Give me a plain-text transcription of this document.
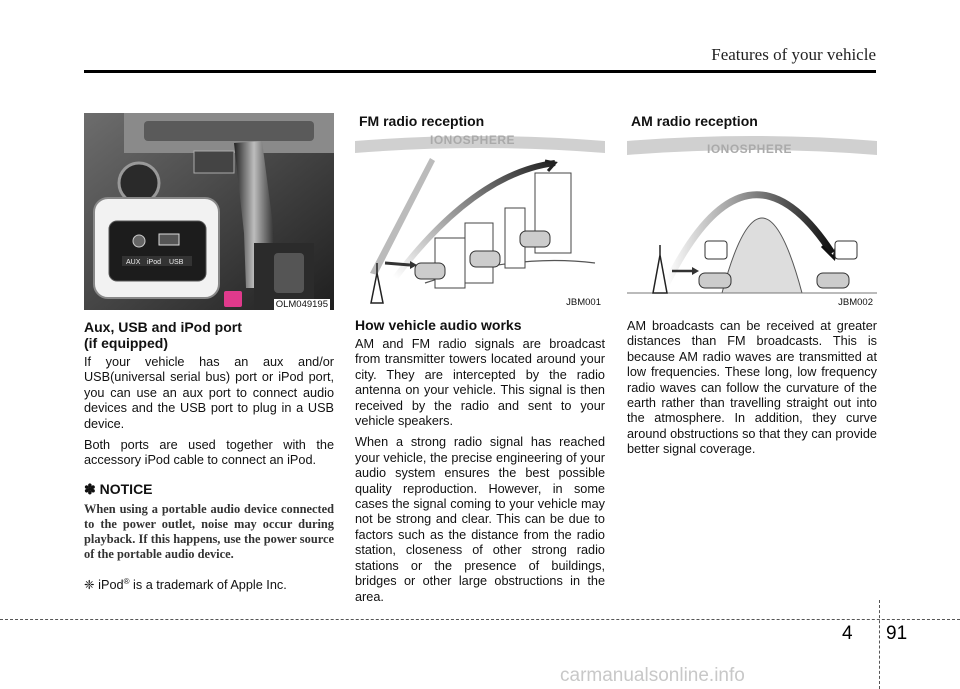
Features of your vehicle
AUX iPod USB
OLM049195
Aux, USB and iPod port
(if equipped)

If your vehicle has an aux and/or USB(universal serial bus) port or iPod port, you can use an aux port to connect audio devices and the USB port to plug in a USB device.

Both ports are used together with the accessory iPod cable to connect an iPod.

✽ NOTICE
When using a portable audio device connected to the power outlet, noise may occur during playback. If this happens, use the power source of the portable audio device.

❈ iPod® is a trademark of Apple Inc.

FM radio reception
IONOSPHERE
JBM001
How vehicle audio works

AM and FM radio signals are broadcast from transmitter towers located around your city. They are intercepted by the radio antenna on your vehicle. This signal is then received by the radio and sent to your vehicle speakers.

When a strong radio signal has reached your vehicle, the precise engineering of your audio system ensures the best possible quality reproduction. However, in some cases the signal coming to your vehicle may not be strong and clear. This can be due to factors such as the distance from the radio station, closeness of other strong radio stations or the presence of buildings, bridges or other large obstructions in the area.

AM radio reception
IONOSPHERE
JBM002

AM broadcasts can be received at greater distances than FM broadcasts. This is because AM radio waves are transmitted at low frequencies. These long, low frequency radio waves can follow the curvature of the earth rather than travelling straight out into the atmosphere. In addition, they curve around obstructions so that they can provide better signal coverage.

4 91
carmanualsonline.info
